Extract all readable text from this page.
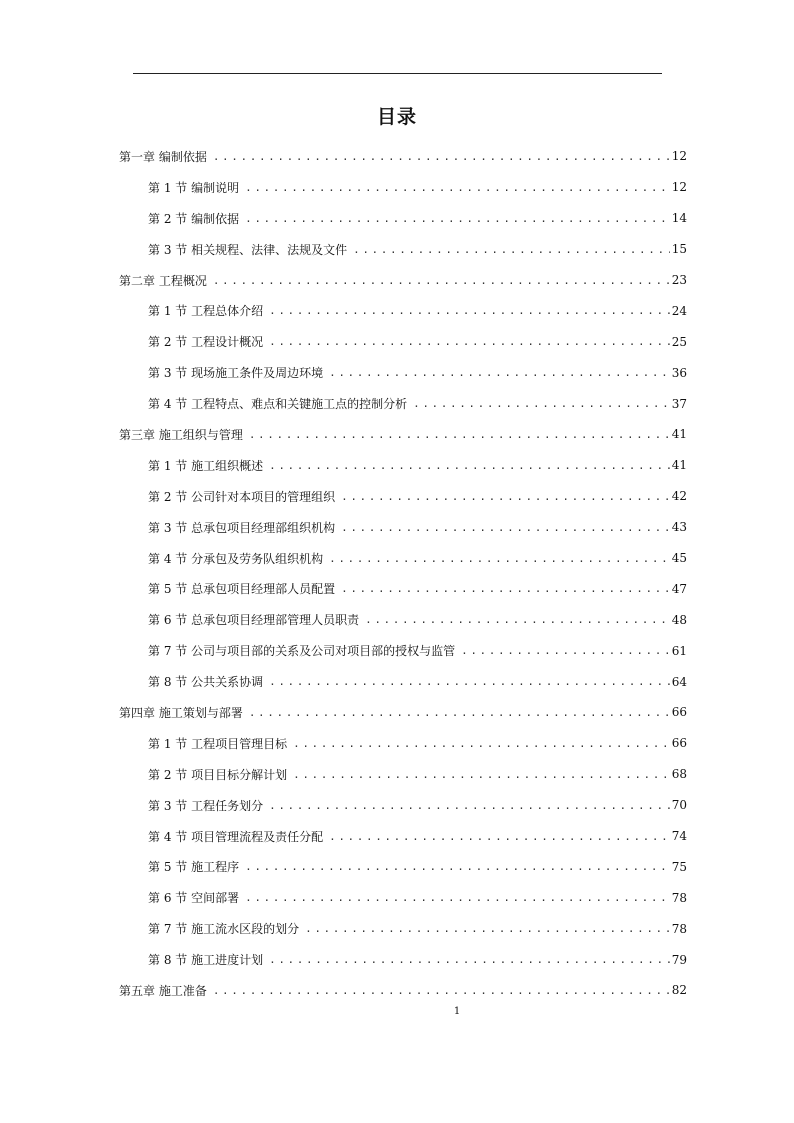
目录
第一章 编制依据 .....	12
第 1 节 编制说明 .....	12
第 2 节 编制依据 .....	14
第 3 节 相关规程、法律、法规及文件 .....	15
第二章 工程概况 .....	23
第 1 节 工程总体介绍 .....	24
第 2 节 工程设计概况 .....	25
第 3 节 现场施工条件及周边环境 .....	36
第 4 节 工程特点、难点和关键施工点的控制分析 .....	37
第三章 施工组织与管理 .....	41
第 1 节 施工组织概述 .....	41
第 2 节 公司针对本项目的管理组织 .....	42
第 3 节 总承包项目经理部组织机构 .....	43
第 4 节 分承包及劳务队组织机构 .....	45
第 5 节 总承包项目经理部人员配置 .....	47
第 6 节 总承包项目经理部管理人员职责 .....	48
第 7 节 公司与项目部的关系及公司对项目部的授权与监管 .....	61
第 8 节 公共关系协调 .....	64
第四章 施工策划与部署 .....	66
第 1 节 工程项目管理目标 .....	66
第 2 节 项目目标分解计划 .....	68
第 3 节 工程任务划分 .....	70
第 4 节 项目管理流程及责任分配 .....	74
第 5 节 施工程序 .....	75
第 6 节 空间部署 .....	78
第 7 节 施工流水区段的划分 .....	78
第 8 节 施工进度计划 .....	79
第五章 施工准备 .....	82
1
